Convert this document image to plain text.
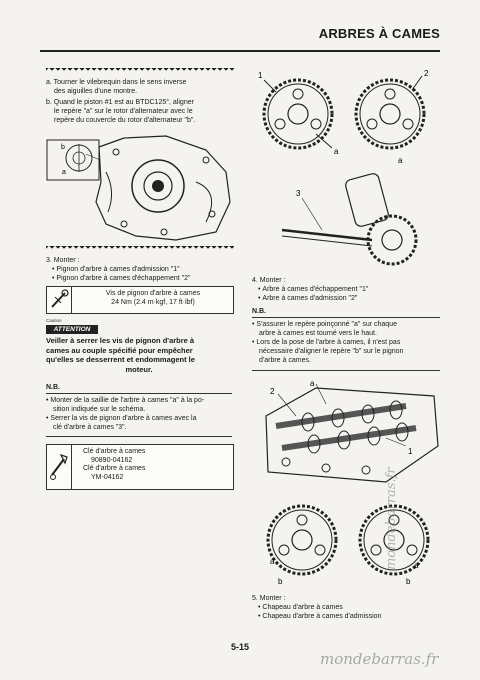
ARBRES À CAMES
a. Tourner le vilebrequin dans le sens inverse
des aiguilles d'une montre.
b. Quand le piston #1 est au BTDC125°, aligner
le repère "a" sur le rotor d'alternateur avec le
repère du couvercle du rotor d'alternateur "b".
b
a
3. Monter :
• Pignon d'arbre à cames d'admission "1"
• Pignon d'arbre à cames d'échappement "2"
Vis de pignon d'arbre à cames
24 Nm (2.4 m·kgf, 17 ft·lbf)
Caution
ATTENTION
Veiller à serrer les vis de pignon d'arbre à
cames au couple spécifié pour empêcher
qu'elles se desserrent et endommagent le
moteur.
N.B.
• Monter de la saillie de l'arbre à cames "a" à la po-
sition indiquée sur le schéma.
• Serrer la vis de pignon d'arbre à cames avec la
clé d'arbre à cames "3".
Clé d'arbre à cames
90890-04162
Clé d'arbre à cames
YM-04162
1	2
a
a
3
4. Monter :
• Arbre à cames d'échappement "1"
• Arbre à cames d'admission "2"
N.B.
• S'assurer le repère poinçonné "a" sur chaque
arbre à cames est tourné vers le haut.
• Lors de la pose de l'arbre à cames, il n'est pas
nécessaire d'aligner le repère "b" sur le pignon
d'arbre à cames.
2
a
1
a
b
a
b
5. Monter :
• Chapeau d'arbre à cames
• Chapeau d'arbre à cames d'admission
5-15
mondebarras.fr
mondebarras.fr
